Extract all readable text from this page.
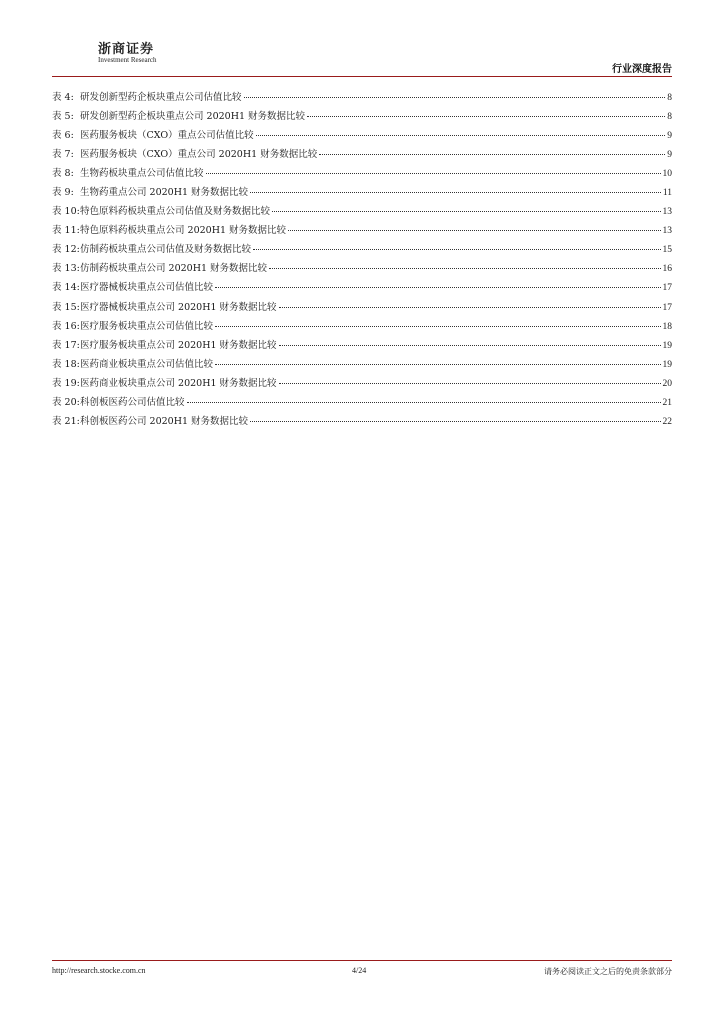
浙商证券
Investment Research
行业深度报告
表 4: 研发创新型药企板块重点公司估值比较	8
表 5: 研发创新型药企板块重点公司 2020H1 财务数据比较	8
表 6: 医药服务板块（CXO）重点公司估值比较	9
表 7: 医药服务板块（CXO）重点公司 2020H1 财务数据比较	9
表 8: 生物药板块重点公司估值比较	10
表 9: 生物药重点公司 2020H1 财务数据比较	11
表 10:特色原料药板块重点公司估值及财务数据比较	13
表 11:特色原料药板块重点公司 2020H1 财务数据比较	13
表 12:仿制药板块重点公司估值及财务数据比较	15
表 13:仿制药板块重点公司 2020H1 财务数据比较	16
表 14:医疗器械板块重点公司估值比较	17
表 15:医疗器械板块重点公司 2020H1 财务数据比较	17
表 16:医疗服务板块重点公司估值比较	18
表 17:医疗服务板块重点公司 2020H1 财务数据比较	19
表 18:医药商业板块重点公司估值比较	19
表 19:医药商业板块重点公司 2020H1 财务数据比较	20
表 20:科创板医药公司估值比较	21
表 21:科创板医药公司 2020H1 财务数据比较	22
http://research.stocke.com.cn	4/24	请务必阅读正文之后的免责条款部分
